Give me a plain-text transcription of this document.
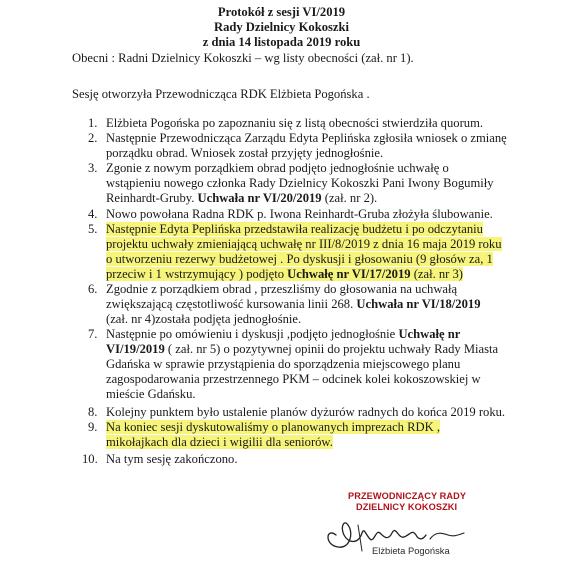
Protokół z sesji VI/2019
Rady Dzielnicy Kokoszki
z dnia 14 listopada 2019 roku
Obecni : Radni Dzielnicy Kokoszki – wg listy obecności (zał. nr 1).
Sesję otworzyła Przewodnicząca RDK Elżbieta Pogońska .
1. Elżbieta Pogońska po zapoznaniu się z listą obecności stwierdziła quorum.
2. Następnie Przewodnicząca Zarządu Edyta Peplińska zgłosiła wniosek o zmianę
porządku obrad. Wniosek został przyjęty jednogłośnie.
3. Zgonie z nowym porządkiem obrad podjęto jednogłośnie uchwałę o
wstąpieniu nowego członka Rady Dzielnicy Kokoszki Pani Iwony Bogumiły
Reinhardt-Gruby. Uchwała nr VI/20/2019 (zał. nr 2).
4. Nowo powołana Radna RDK p. Iwona Reinhardt-Gruba złożyła ślubowanie.
5. Następnie Edyta Peplińska przedstawiła realizację budżetu i po odczytaniu
projektu uchwały zmieniającą uchwałę nr III/8/2019 z dnia 16 maja 2019 roku
o utworzeniu rezerwy budżetowej . Po dyskusji i głosowaniu (9 głosów za, 1
przeciw i 1 wstrzymujący ) podjęto Uchwałę nr VI/17/2019 (zał. nr 3)
6. Zgodnie z porządkiem obrad , przeszliśmy do głosowania na uchwałą
zwiększającą częstotliwość kursowania linii 268. Uchwała nr VI/18/2019
(zał. nr 4)została podjęta jednogłośnie.
7. Następnie po omówieniu i dyskusji ,podjęto jednogłośnie Uchwałę nr
VI/19/2019 ( zał. nr 5) o pozytywnej opinii do projektu uchwały Rady Miasta
Gdańska w sprawie przystąpienia do sporządzenia miejscowego planu
zagospodarowania przestrzennego PKM – odcinek kolei kokoszowskiej w
mieście Gdańsku.
8. Kolejny punktem było ustalenie planów dyżurów radnych do końca 2019 roku.
9. Na koniec sesji dyskutowaliśmy o planowanych imprezach RDK ,
mikołajkach dla dzieci i wigilii dla seniorów.
10. Na tym sesję zakończono.
PRZEWODNICZĄCY RADY
DZIELNICY KOKOSZKI
Elżbieta Pogońska
